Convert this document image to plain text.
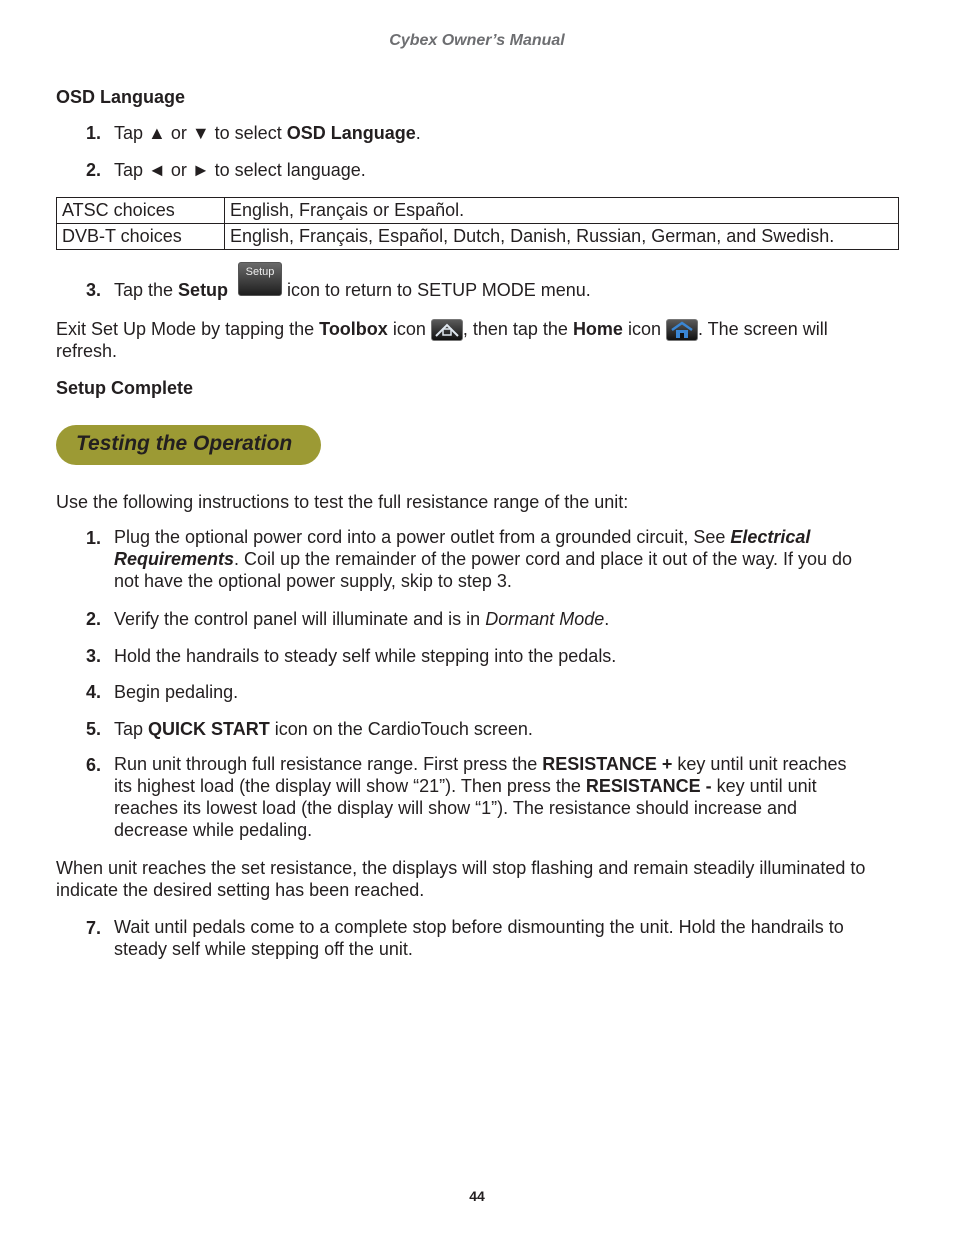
Cybex Owner’s Manual
OSD Language
1. Tap ▲ or ▼ to select OSD Language.
2. Tap ◄ or ► to select language.
ATSC choices	English, Français or Español.
DVB-T choices	English, Français, Español, Dutch, Danish, Russian, German, and Swedish.
3. Tap the Setup
Setup
icon to return to SETUP MODE menu.
Exit Set Up Mode by tapping the Toolbox icon , then tap the Home icon . The screen will
refresh.
Setup Complete
Testing the Operation
Use the following instructions to test the full resistance range of the unit:
1. Plug the optional power cord into a power outlet from a grounded circuit, See Electrical
Requirements. Coil up the remainder of the power cord and place it out of the way. If you do
not have the optional power supply, skip to step 3.
2. Verify the control panel will illuminate and is in Dormant Mode.
3. Hold the handrails to steady self while stepping into the pedals.
4. Begin pedaling.
5. Tap QUICK START icon on the CardioTouch screen.
6. Run unit through full resistance range. First press the RESISTANCE + key until unit reaches
its highest load (the display will show “21”). Then press the RESISTANCE - key until unit
reaches its lowest load (the display will show “1”). The resistance should increase and
decrease while pedaling.
When unit reaches the set resistance, the displays will stop flashing and remain steadily illuminated to
indicate the desired setting has been reached.
7. Wait until pedals come to a complete stop before dismounting the unit. Hold the handrails to
steady self while stepping off the unit.
44
